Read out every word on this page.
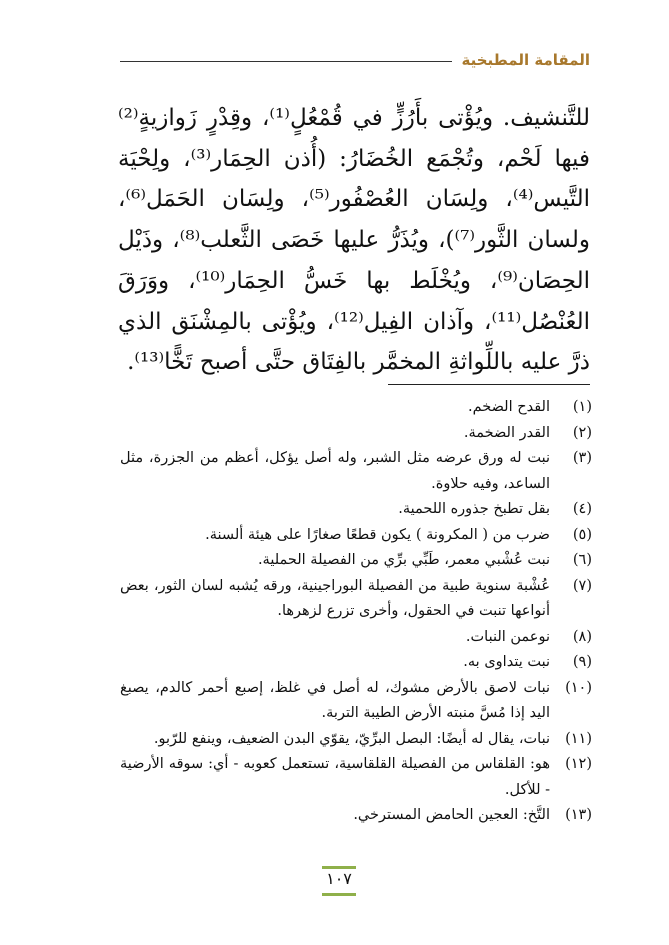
المقامة المطبخية

للتَّنشيف. ويُؤْتى بأَرُزٍّ في قُمْعُلٍ⁽¹⁾، وقِدْرٍ زَوازيةٍ⁽²⁾ فيها لَحْم، وتُجْمَع الخُضَارُ: (أُذن الحِمَار⁽³⁾، ولِحْيَة التَّيس⁽⁴⁾، ولِسَان العُصْفُور⁽⁵⁾، ولِسَان الحَمَل⁽⁶⁾، ولسان الثَّور⁽⁷⁾)، ويُذَرُّ عليها خَصَى الثَّعلب⁽⁸⁾، وذَيْل الحِصَان⁽⁹⁾، ويُخْلَط بها خَسُّ الحِمَار⁽¹⁰⁾، ووَرَقَ العُنْصُل⁽¹¹⁾، وآذان الفِيل⁽¹²⁾، ويُؤْتى بالمِشْنَق الذي ذرَّ عليه باللِّواثةِ المخمَّر بالفِتَاق حتَّى أصبح تَخًّا⁽¹³⁾.

(١)
القدح الضخم.
(٢)
القدر الضخمة.
(٣)
نبت له ورق عرضه مثل الشبر، وله أصل يؤكل، أعظم من الجزرة، مثل الساعد، وفيه حلاوة.
(٤)
بقل تطبخ جذوره اللحمية.
(٥)
ضرب من ( المكرونة ) يكون قطعًا صغارًا على هيئة ألسنة.
(٦)
نبت عُشْبي معمر، طَبِّي برِّي من الفصيلة الحملية.
(٧)
عُشْبة سنوية طبية من الفصيلة البوراجينية، ورقه يُشبه لسان الثور، بعض أنواعها تنبت في الحقول، وأخرى تزرع لزهرها.
(٨)
نوعمن النبات.
(٩)
نبت يتداوى به.
(١٠)
نبات لاصق بالأرض مشوك، له أصل في غلظ، إصبع أحمر كالدم، يصبغ اليد إذا مُسَّ منبته الأرض الطيبة التربة.
(١١)
نبات، يقال له أيضًا: البصل البرِّيّ، يقوّي البدن الضعيف، وينفع للرّبو.
(١٢)
هو: القلقاس من الفصيلة القلقاسية، تستعمل كعوبه - أي: سوقه الأرضية - للأكل.
(١٣)
التَّخ: العجين الحامض المسترخي.
١٠٧
